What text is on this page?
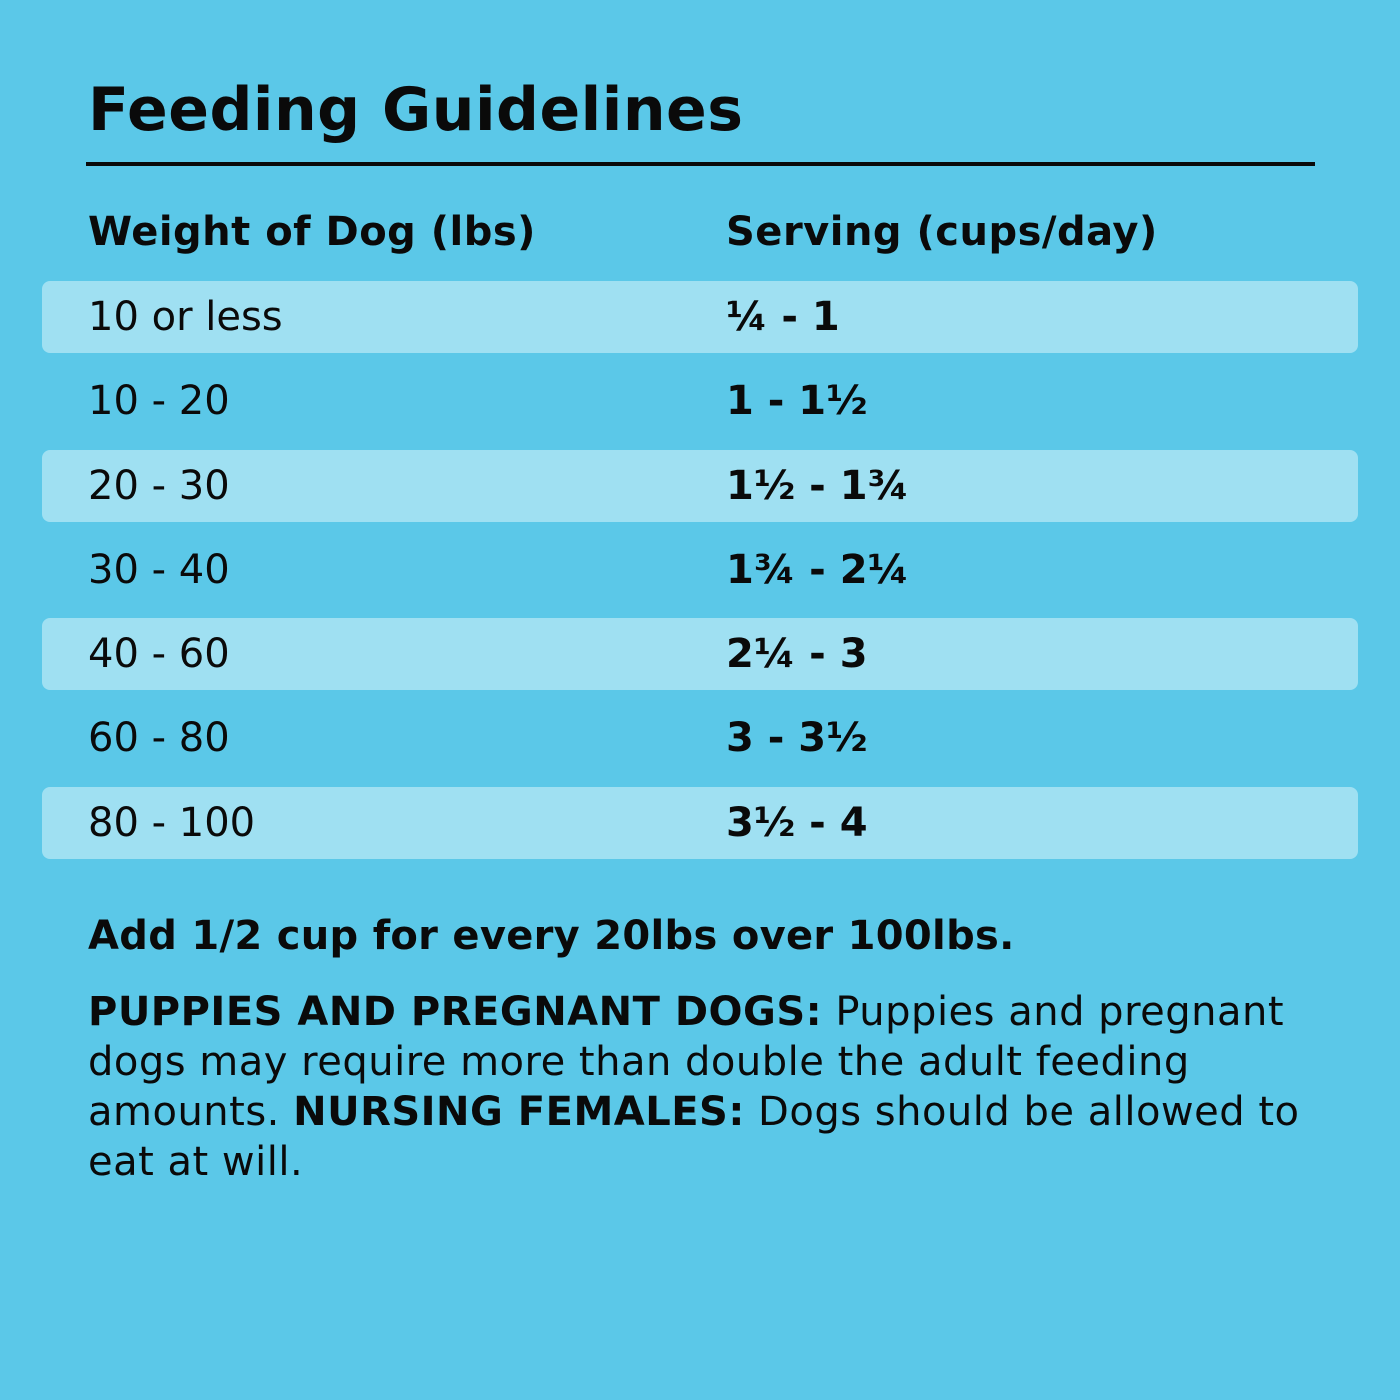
Feeding Guidelines
Weight of Dog (lbs)	Serving (cups/day)
10 or less	¼ - 1
10 - 20	1 - 1½
20 - 30	1½ - 1¾
30 - 40	1¾ - 2¼
40 - 60	2¼ - 3
60 - 80	3 - 3½
80 - 100	3½ - 4
Add 1/2 cup for every 20lbs over 100lbs.
PUPPIES AND PREGNANT DOGS: Puppies and pregnant dogs may require more than double the adult feeding amounts. NURSING FEMALES: Dogs should be allowed to eat at will.
